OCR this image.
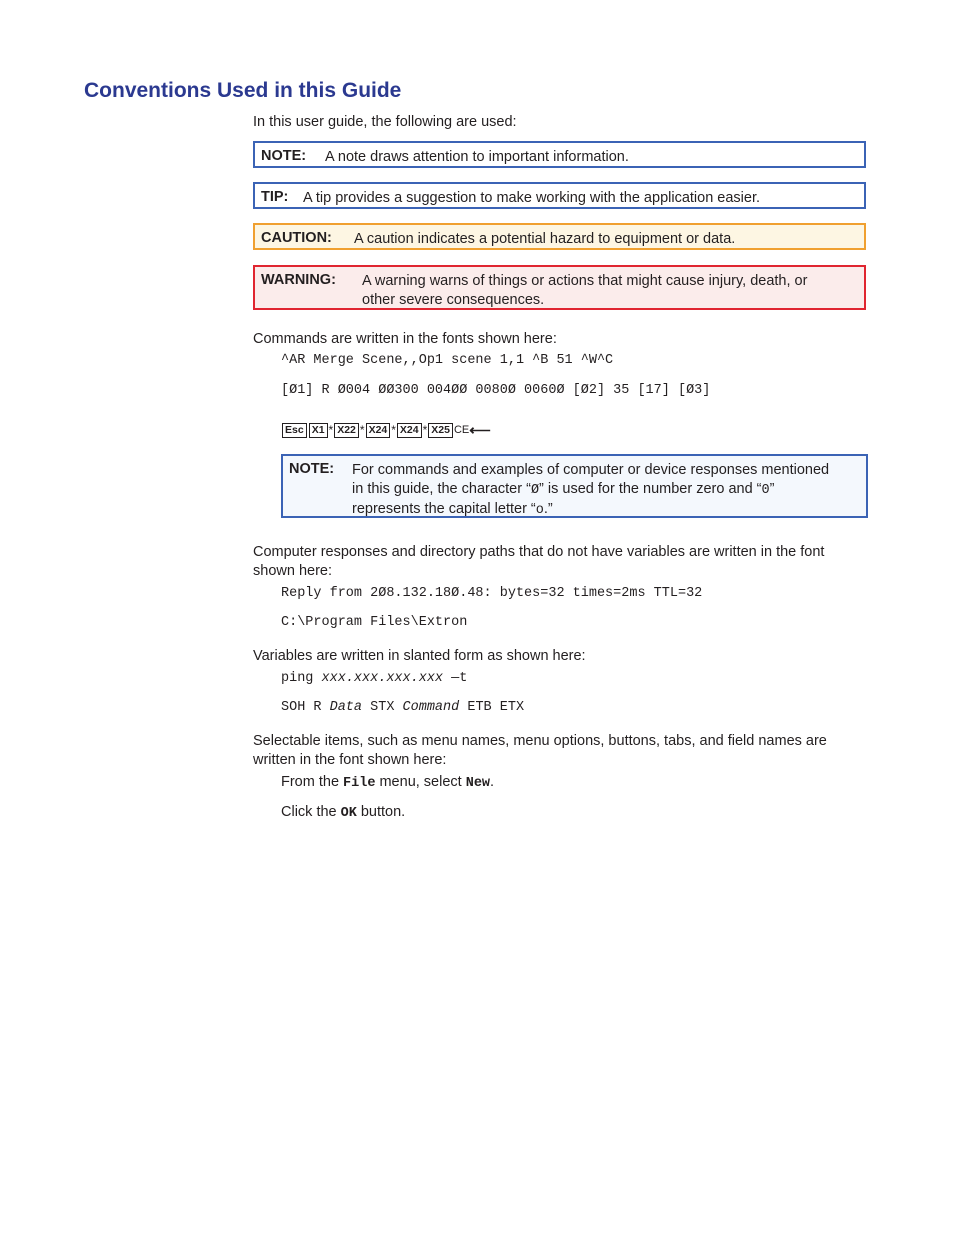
Conventions Used in this Guide
In this user guide, the following are used:
NOTE: A note draws attention to important information.
TIP: A tip provides a suggestion to make working with the application easier.
CAUTION: A caution indicates a potential hazard to equipment or data.
WARNING: A warning warns of things or actions that might cause injury, death, or
other severe consequences.
Commands are written in the fonts shown here:
^AR Merge Scene,,Op1 scene 1,1 ^B 51 ^W^C
[Ø1] R Ø004 ØØ300 004ØØ 0080Ø 0060Ø [Ø2] 35 [17] [Ø3]
Esc X1 * X22 * X24 * X24 * X25 CE⟵
NOTE: For commands and examples of computer or device responses mentioned
in this guide, the character “Ø” is used for the number zero and “0”
represents the capital letter “o.”
Computer responses and directory paths that do not have variables are written in the font
shown here:
Reply from 2Ø8.132.18Ø.48: bytes=32 times=2ms TTL=32
C:\Program Files\Extron
Variables are written in slanted form as shown here:
ping xxx.xxx.xxx.xxx —t
SOH R Data STX Command ETB ETX
Selectable items, such as menu names, menu options, buttons, tabs, and field names are
written in the font shown here:
From the File menu, select New.
Click the OK button.
